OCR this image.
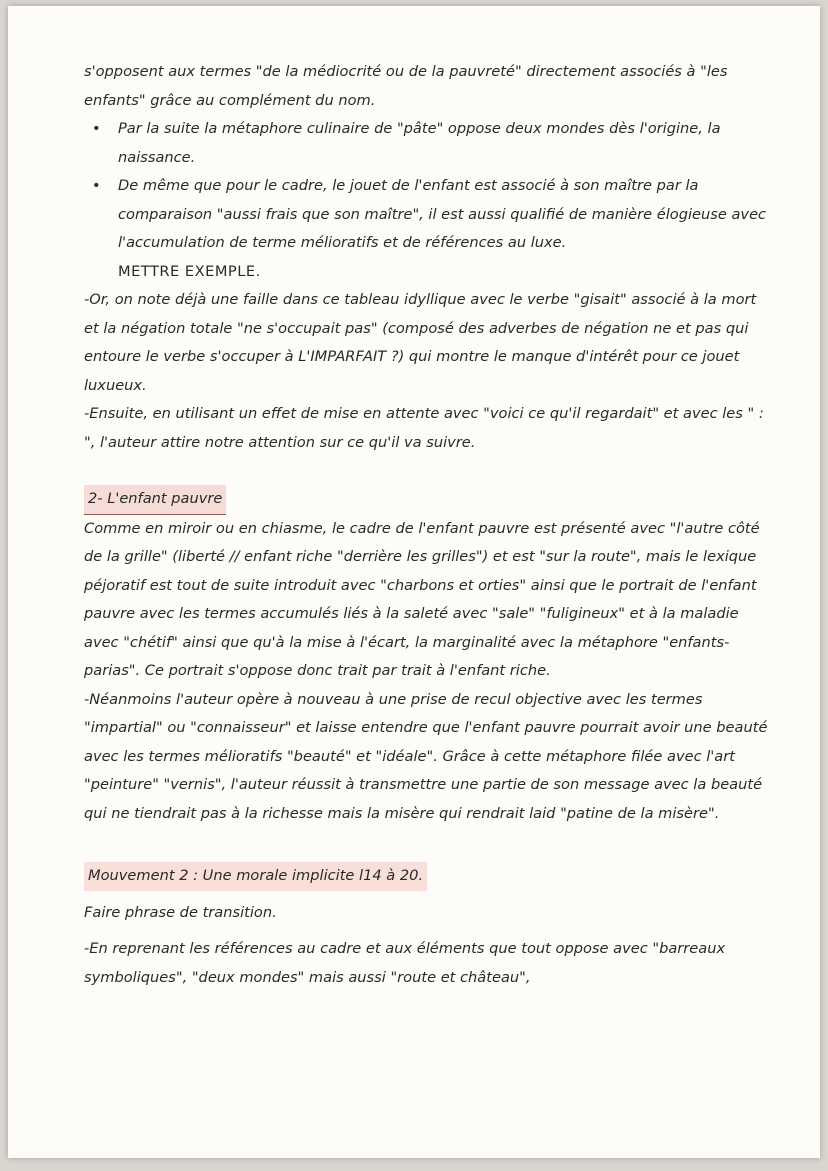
s'opposent aux termes "de la médiocrité ou de la pauvreté" directement associés à "les enfants" grâce au complément du nom.

• Par la suite la métaphore culinaire de "pâte" oppose deux mondes dès l'origine, la naissance.
• De même que pour le cadre, le jouet de l'enfant est associé à son maître par la comparaison "aussi frais que son maître", il est aussi qualifié de manière élogieuse avec l'accumulation de terme mélioratifs et de références au luxe.

METTRE EXEMPLE.

-Or, on note déjà une faille dans ce tableau idyllique avec le verbe "gisait" associé à la mort et la négation totale "ne s'occupait pas" (composé des adverbes de négation ne et pas qui entoure le verbe s'occuper à L'IMPARFAIT ?) qui montre le manque d'intérêt pour ce jouet luxueux.

-Ensuite, en utilisant un effet de mise en attente avec "voici ce qu'il regardait" et avec les " : ", l'auteur attire notre attention sur ce qu'il va suivre.

2- L'enfant pauvre

Comme en miroir ou en chiasme, le cadre de l'enfant pauvre est présenté avec "l'autre côté de la grille" (liberté // enfant riche "derrière les grilles") et est "sur la route", mais le lexique péjoratif est tout de suite introduit avec "charbons et orties" ainsi que le portrait de l'enfant pauvre avec les termes accumulés liés à la saleté avec "sale" "fuligineux" et à la maladie avec "chétif" ainsi que qu'à la mise à l'écart, la marginalité avec la métaphore "enfants-parias". Ce portrait s'oppose donc trait par trait à l'enfant riche.

-Néanmoins l'auteur opère à nouveau à une prise de recul objective avec les termes "impartial" ou "connaisseur" et laisse entendre que l'enfant pauvre pourrait avoir une beauté avec les termes mélioratifs "beauté" et "idéale". Grâce à cette métaphore filée avec l'art "peinture" "vernis", l'auteur réussit à transmettre une partie de son message avec la beauté qui ne tiendrait pas à la richesse mais la misère qui rendrait laid "patine de la misère".

Mouvement 2 : Une morale implicite l14 à 20.

Faire phrase de transition.

-En reprenant les références au cadre et aux éléments que tout oppose avec "barreaux symboliques", "deux mondes" mais aussi "route et château",
